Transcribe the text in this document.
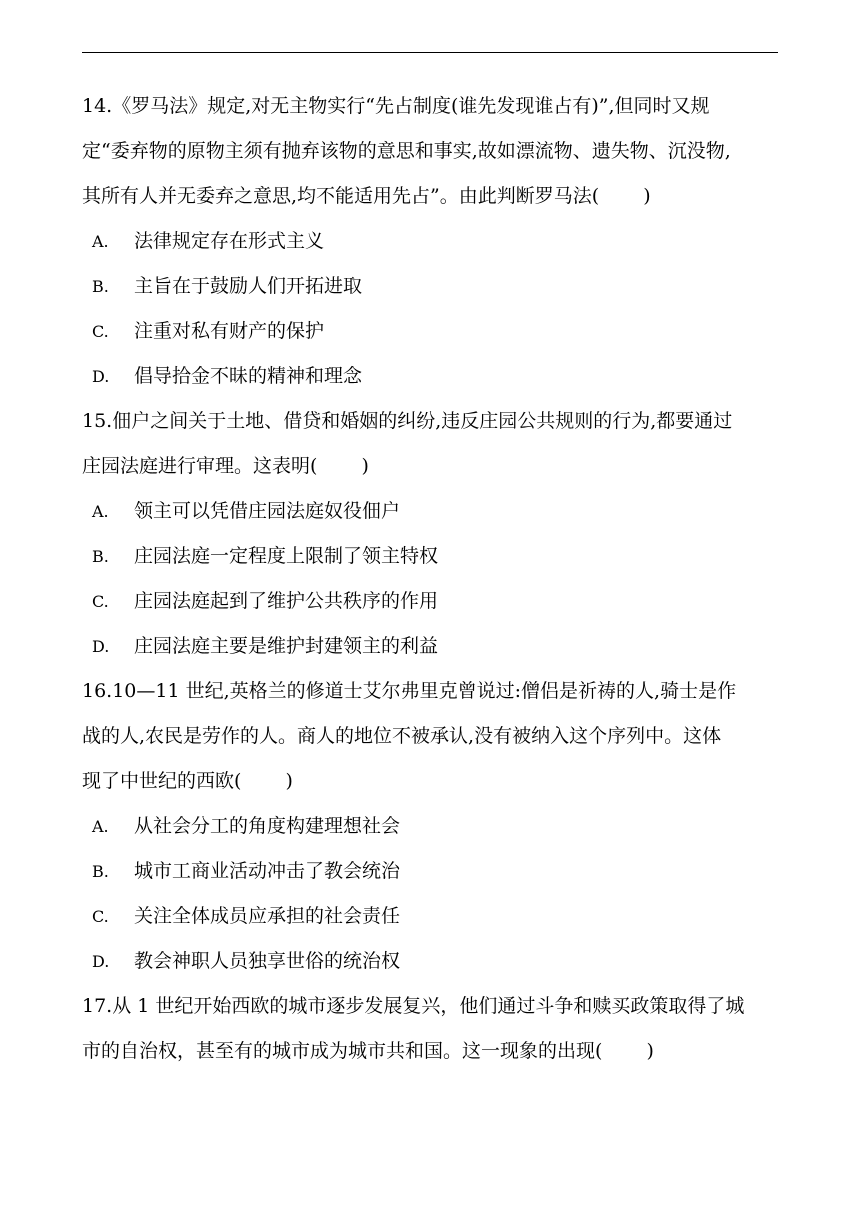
14.《罗马法》规定,对无主物实行“先占制度(谁先发现谁占有)”,但同时又规
定“委弃物的原物主须有抛弃该物的意思和事实,故如漂流物、遗失物、沉没物,
其所有人并无委弃之意思,均不能适用先占”。由此判断罗马法(　　 )
A.	法律规定存在形式主义
B.	主旨在于鼓励人们开拓进取
C.	注重对私有财产的保护
D.	倡导拾金不昧的精神和理念
15.佃户之间关于土地、借贷和婚姻的纠纷,违反庄园公共规则的行为,都要通过
庄园法庭进行审理。这表明(　　 )
A.	领主可以凭借庄园法庭奴役佃户
B.	庄园法庭一定程度上限制了领主特权
C.	庄园法庭起到了维护公共秩序的作用
D.	庄园法庭主要是维护封建领主的利益
16.10—11 世纪,英格兰的修道士艾尔弗里克曾说过:僧侣是祈祷的人,骑士是作
战的人,农民是劳作的人。商人的地位不被承认,没有被纳入这个序列中。这体
现了中世纪的西欧(　　 )
A.	从社会分工的角度构建理想社会
B.	城市工商业活动冲击了教会统治
C.	关注全体成员应承担的社会责任
D.	教会神职人员独享世俗的统治权
17.从 1 世纪开始西欧的城市逐步发展复兴，他们通过斗争和赎买政策取得了城
市的自治权，甚至有的城市成为城市共和国。这一现象的出现(　　 )
